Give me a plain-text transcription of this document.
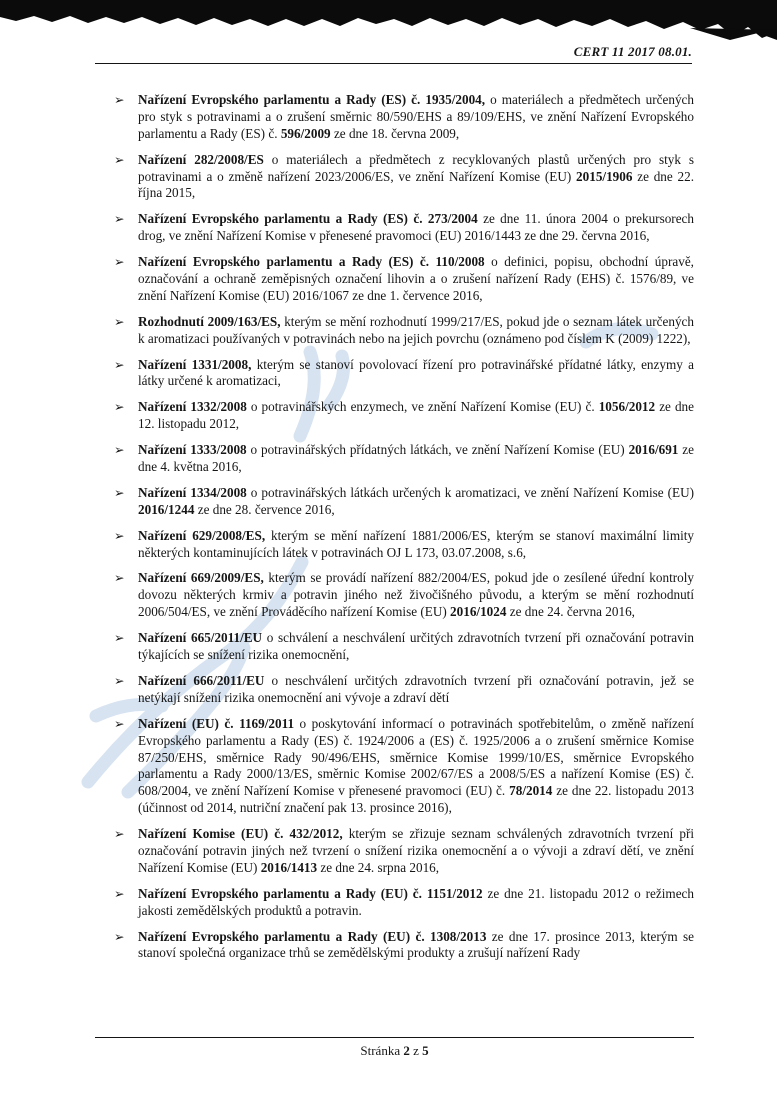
CERT 11 2017 08.01.
➢ Nařízení Evropského parlamentu a Rady (ES) č. 1935/2004, o materiálech a předmětech určených pro styk s potravinami a o zrušení směrnic 80/590/EHS a 89/109/EHS, ve znění Nařízení Evropského parlamentu a Rady (ES) č. 596/2009 ze dne 18. června 2009,
➢ Nařízení 282/2008/ES o materiálech a předmětech z recyklovaných plastů určených pro styk s potravinami a o změně nařízení 2023/2006/ES, ve znění Nařízení Komise (EU) 2015/1906 ze dne 22. října 2015,
➢ Nařízení Evropského parlamentu a Rady (ES) č. 273/2004 ze dne 11. února 2004 o prekursorech drog, ve znění Nařízení Komise v přenesené pravomoci (EU) 2016/1443 ze dne 29. června 2016,
➢ Nařízení Evropského parlamentu a Rady (ES) č. 110/2008 o definici, popisu, obchodní úpravě, označování a ochraně zeměpisných označení lihovin a o zrušení nařízení Rady (EHS) č. 1576/89, ve znění Nařízení Komise (EU) 2016/1067 ze dne 1. července 2016,
➢ Rozhodnutí 2009/163/ES, kterým se mění rozhodnutí 1999/217/ES, pokud jde o seznam látek určených k aromatizaci používaných v potravinách nebo na jejich povrchu (oznámeno pod číslem K (2009) 1222),
➢ Nařízení 1331/2008, kterým se stanoví povolovací řízení pro potravinářské přídatné látky, enzymy a látky určené k aromatizaci,
➢ Nařízení 1332/2008 o potravinářských enzymech, ve znění Nařízení Komise (EU) č. 1056/2012 ze dne 12. listopadu 2012,
➢ Nařízení 1333/2008 o potravinářských přídatných látkách, ve znění Nařízení Komise (EU) 2016/691 ze dne 4. května 2016,
➢ Nařízení 1334/2008 o potravinářských látkách určených k aromatizaci, ve znění Nařízení Komise (EU) 2016/1244 ze dne 28. července 2016,
➢ Nařízení 629/2008/ES, kterým se mění nařízení 1881/2006/ES, kterým se stanoví maximální limity některých kontaminujících látek v potravinách OJ L 173, 03.07.2008, s.6,
➢ Nařízení 669/2009/ES, kterým se provádí nařízení 882/2004/ES, pokud jde o zesílené úřední kontroly dovozu některých krmiv a potravin jiného než živočišného původu, a kterým se mění rozhodnutí 2006/504/ES, ve znění Prováděcího nařízení Komise (EU) 2016/1024 ze dne 24. června 2016,
➢ Nařízení 665/2011/EU o schválení a neschválení určitých zdravotních tvrzení při označování potravin týkajících se snížení rizika onemocnění,
➢ Nařízení 666/2011/EU o neschválení určitých zdravotních tvrzení při označování potravin, jež se netýkají snížení rizika onemocnění ani vývoje a zdraví dětí
➢ Nařízení (EU) č. 1169/2011 o poskytování informací o potravinách spotřebitelům, o změně nařízení Evropského parlamentu a Rady (ES) č. 1924/2006 a (ES) č. 1925/2006 a o zrušení směrnice Komise 87/250/EHS, směrnice Rady 90/496/EHS, směrnice Komise 1999/10/ES, směrnice Evropského parlamentu a Rady 2000/13/ES, směrnic Komise 2002/67/ES a 2008/5/ES a nařízení Komise (ES) č. 608/2004, ve znění Nařízení Komise v přenesené pravomoci (EU) č. 78/2014 ze dne 22. listopadu 2013 (účinnost od 2014, nutriční značení pak 13. prosince 2016),
➢ Nařízení Komise (EU) č. 432/2012, kterým se zřizuje seznam schválených zdravotních tvrzení při označování potravin jiných než tvrzení o snížení rizika onemocnění a o vývoji a zdraví dětí, ve znění Nařízení Komise (EU) 2016/1413 ze dne 24. srpna 2016,
➢ Nařízení Evropského parlamentu a Rady (EU) č. 1151/2012 ze dne 21. listopadu 2012 o režimech jakosti zemědělských produktů a potravin.
➢ Nařízení Evropského parlamentu a Rady (EU) č. 1308/2013 ze dne 17. prosince 2013, kterým se stanoví společná organizace trhů se zemědělskými produkty a zrušují nařízení Rady
Stránka 2 z 5
